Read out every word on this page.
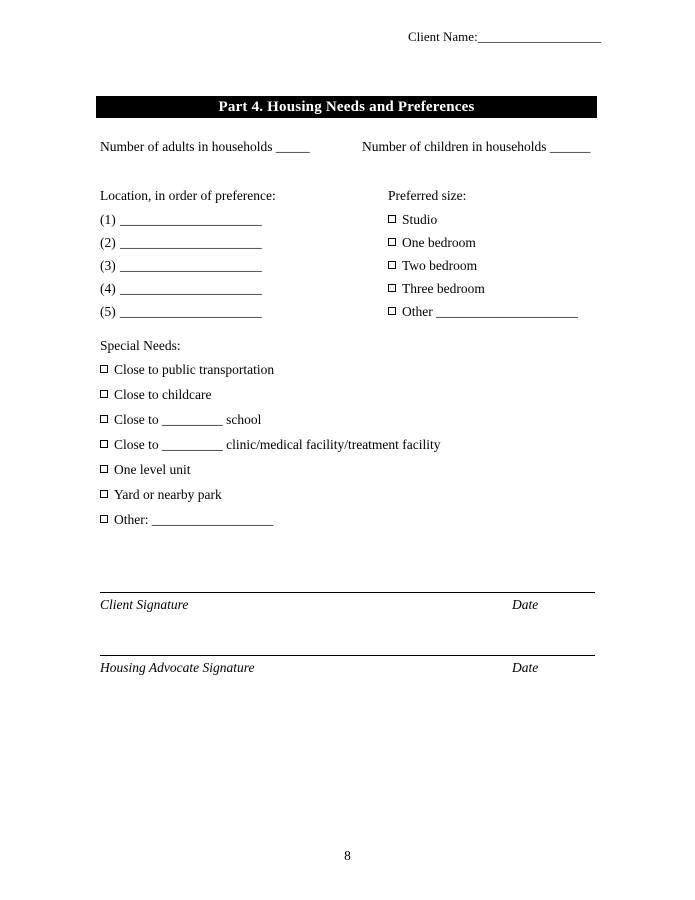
Client Name:___________________
Part 4. Housing Needs and Preferences
Number of adults in households _____	Number of children in households ______
Location, in order of preference:
(1) _____________________
(2) _____________________
(3) _____________________
(4) _____________________
(5) _____________________
Preferred size:
Studio
One bedroom
Two bedroom
Three bedroom
Other _____________________
Special Needs:
Close to public transportation
Close to childcare
Close to _________ school
Close to _________ clinic/medical facility/treatment facility
One level unit
Yard or nearby park
Other: __________________
Client Signature	Date
Housing Advocate Signature	Date
8
